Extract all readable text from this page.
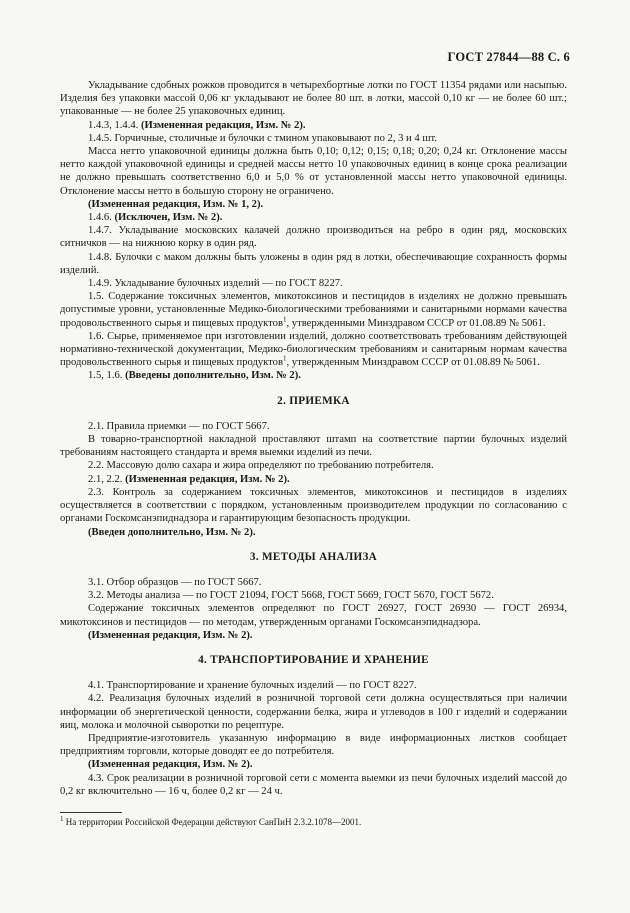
ГОСТ 27844—88 С. 6

Укладывание сдобных рожков проводится в четырехбортные лотки по ГОСТ 11354 рядами или насыпью. Изделия без упаковки массой 0,06 кг укладывают не более 80 шт. в лотки, массой 0,10 кг — не более 60 шт.; упакованные — не более 25 упаковочных единиц.

1.4.3, 1.4.4. (Измененная редакция, Изм. № 2).

1.4.5. Горчичные, столичные и булочки с тмином упаковывают по 2, 3 и 4 шт.

Масса нетто упаковочной единицы должна быть 0,10; 0,12; 0,15; 0,18; 0,20; 0,24 кг. Отклонение массы нетто каждой упаковочной единицы и средней массы нетто 10 упаковочных единиц в конце срока реализации не должно превышать соответственно 6,0 и 5,0 % от установленной массы нетто упаковочной единицы. Отклонение массы нетто в большую сторону не ограничено.

(Измененная редакция, Изм. № 1, 2).

1.4.6. (Исключен, Изм. № 2).

1.4.7. Укладывание московских калачей должно производиться на ребро в один ряд, московских ситничков — на нижнюю корку в один ряд.

1.4.8. Булочки с маком должны быть уложены в один ряд в лотки, обеспечивающие сохранность формы изделий.

1.4.9. Укладывание булочных изделий — по ГОСТ 8227.

1.5. Содержание токсичных элементов, микотоксинов и пестицидов в изделиях не должно превышать допустимые уровни, установленные Медико-биологическими требованиями и санитарными нормами качества продовольственного сырья и пищевых продуктов$^1$, утвержденными Минздравом СССР от 01.08.89 № 5061.

1.6. Сырье, применяемое при изготовлении изделий, должно соответствовать требованиям действующей нормативно-технической документации, Медико-биологическим требованиям и санитарным нормам качества продовольственного сырья и пищевых продуктов$^1$, утвержденным Минздравом СССР от 01.08.89 № 5061.

1.5, 1.6. (Введены дополнительно, Изм. № 2).

2. ПРИЕМКА

2.1. Правила приемки — по ГОСТ 5667.

В товарно-транспортной накладной проставляют штамп на соответствие партии булочных изделий требованиям настоящего стандарта и время выемки изделий из печи.

2.2. Массовую долю сахара и жира определяют по требованию потребителя.

2.1, 2.2. (Измененная редакция, Изм. № 2).

2.3. Контроль за содержанием токсичных элементов, микотоксинов и пестицидов в изделиях осуществляется в соответствии с порядком, установленным производителем продукции по согласованию с органами Госкомсанэпиднадзора и гарантирующим безопасность продукции.

(Введен дополнительно, Изм. № 2).

3. МЕТОДЫ АНАЛИЗА

3.1. Отбор образцов — по ГОСТ 5667.

3.2. Методы анализа — по ГОСТ 21094, ГОСТ 5668, ГОСТ 5669, ГОСТ 5670, ГОСТ 5672.

Содержание токсичных элементов определяют по ГОСТ 26927, ГОСТ 26930 — ГОСТ 26934, микотоксинов и пестицидов — по методам, утвержденным органами Госкомсанэпиднадзора.

(Измененная редакция, Изм. № 2).

4. ТРАНСПОРТИРОВАНИЕ И ХРАНЕНИЕ

4.1. Транспортирование и хранение булочных изделий — по ГОСТ 8227.

4.2. Реализация булочных изделий в розничной торговой сети должна осуществляться при наличии информации об энергетической ценности, содержании белка, жира и углеводов в 100 г изделий и содержании яиц, молока и молочной сыворотки по рецептуре.

Предприятие-изготовитель указанную информацию в виде информационных листков сообщает предприятиям торговли, которые доводят ее до потребителя.

(Измененная редакция, Изм. № 2).

4.3. Срок реализации в розничной торговой сети с момента выемки из печи булочных изделий массой до 0,2 кг включительно — 16 ч, более 0,2 кг — 24 ч.

$^1$ На территории Российской Федерации действуют СанПиН 2.3.2.1078—2001.
